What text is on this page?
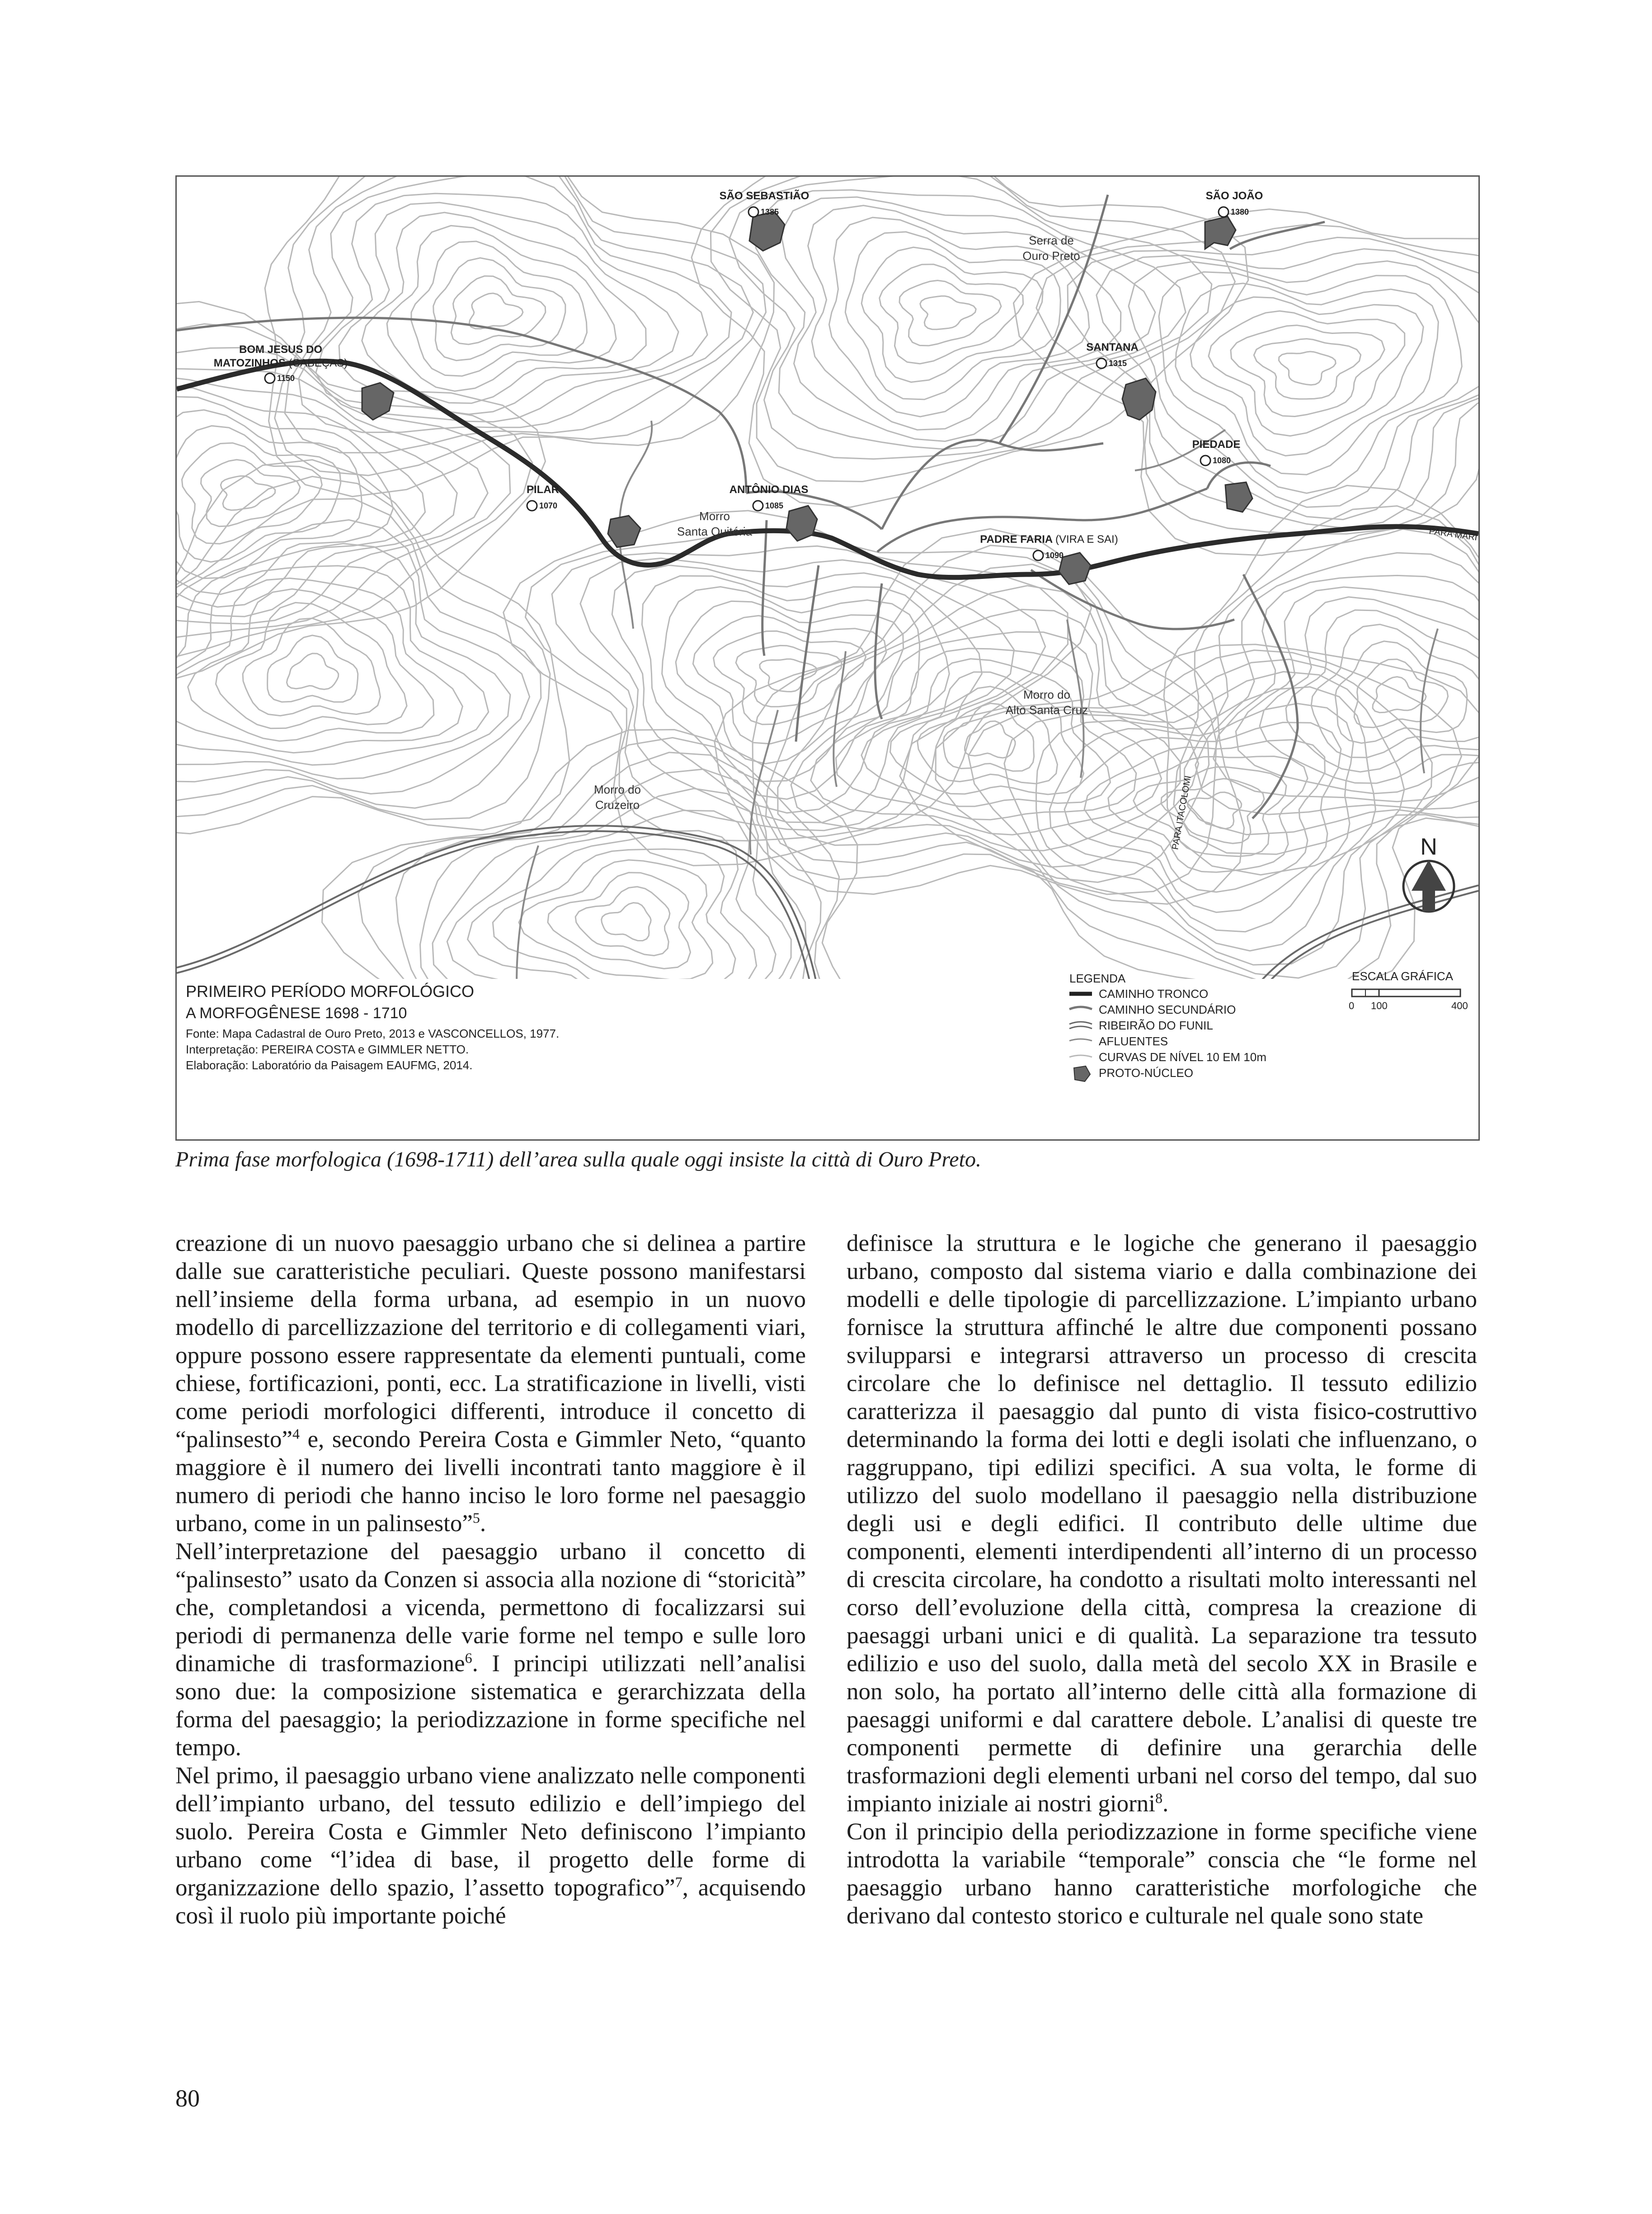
SÃO SEBASTIÃO
1385
SÃO JOÃO
1380
BOM JESUS DO MATOZINHOS (CABEÇAS)
1150
SANTANA
1315
PIEDADE
1080
PILAR
1070
ANTÔNIO DIAS
1085
PADRE FARIA (VIRA E SAI)
1090
Serra de Ouro Preto
Morro Santa Quitéria
Morro do Alto Santa Cruz
Morro do Cruzeiro
PARA MARI
PARA ITACOLOMI	N
PRIMEIRO PERÍODO MORFOLÓGICO
A MORFOGÊNESE 1698 - 1710
Fonte: Mapa Cadastral de Ouro Preto, 2013 e VASCONCELLOS, 1977.
Interpretação: PEREIRA COSTA e GIMMLER NETTO.
Elaboração: Laboratório da Paisagem EAUFMG, 2014.
LEGENDA
CAMINHO TRONCO
CAMINHO SECUNDÁRIO
RIBEIRÃO DO FUNIL
AFLUENTES
CURVAS DE NÍVEL 10 EM 10m
PROTO-NÚCLEO
ESCALA GRÁFICA
0 100	400
Prima fase morfologica (1698-1711) dell’area sulla quale oggi insiste la città di Ouro Preto.

creazione di un nuovo paesaggio urbano che si delinea a partire dalle sue caratteristiche peculiari. Queste possono manifestarsi nell’insieme della forma urbana, ad esempio in un nuovo modello di parcellizzazione del territorio e di collegamenti viari, oppure possono essere rappresentate da elementi puntuali, come chiese, fortificazioni, ponti, ecc. La stratificazione in livelli, visti come periodi morfologici differenti, introduce il concetto di “palinsesto”$^4$ e, secondo Pereira Costa e Gimmler Neto, “quanto maggiore è il numero dei livelli incontrati tanto maggiore è il numero di periodi che hanno inciso le loro forme nel paesaggio urbano, come in un palinsesto”$^5$.

Nell’interpretazione del paesaggio urbano il concetto di “palinsesto” usato da Conzen si associa alla nozione di “storicità” che, completandosi a vicenda, permettono di focalizzarsi sui periodi di permanenza delle varie forme nel tempo e sulle loro dinamiche di trasformazione$^6$. I principi utilizzati nell’analisi sono due: la composizione sistematica e gerarchizzata della forma del paesaggio; la periodizzazione in forme specifiche nel tempo.

Nel primo, il paesaggio urbano viene analizzato nelle componenti dell’impianto urbano, del tessuto edilizio e dell’impiego del suolo. Pereira Costa e Gimmler Neto definiscono l’impianto urbano come “l’idea di base, il progetto delle forme di organizzazione dello spazio, l’assetto topografico”$^7$, acquisendo così il ruolo più importante poiché

definisce la struttura e le logiche che generano il paesaggio urbano, composto dal sistema viario e dalla combinazione dei modelli e delle tipologie di parcellizzazione. L’impianto urbano fornisce la struttura affinché le altre due componenti possano svilupparsi e integrarsi attraverso un processo di crescita circolare che lo definisce nel dettaglio. Il tessuto edilizio caratterizza il paesaggio dal punto di vista fisico-costruttivo determinando la forma dei lotti e degli isolati che influenzano, o raggruppano, tipi edilizi specifici. A sua volta, le forme di utilizzo del suolo modellano il paesaggio nella distribuzione degli usi e degli edifici. Il contributo delle ultime due componenti, elementi interdipendenti all’interno di un processo di crescita circolare, ha condotto a risultati molto interessanti nel corso dell’evoluzione della città, compresa la creazione di paesaggi urbani unici e di qualità. La separazione tra tessuto edilizio e uso del suolo, dalla metà del secolo XX in Brasile e non solo, ha portato all’interno delle città alla formazione di paesaggi uniformi e dal carattere debole. L’analisi di queste tre componenti permette di definire una gerarchia delle trasformazioni degli elementi urbani nel corso del tempo, dal suo impianto iniziale ai nostri giorni$^8$.

Con il principio della periodizzazione in forme specifiche viene introdotta la variabile “temporale” conscia che “le forme nel paesaggio urbano hanno caratteristiche morfologiche che derivano dal contesto storico e culturale nel quale sono state

80
